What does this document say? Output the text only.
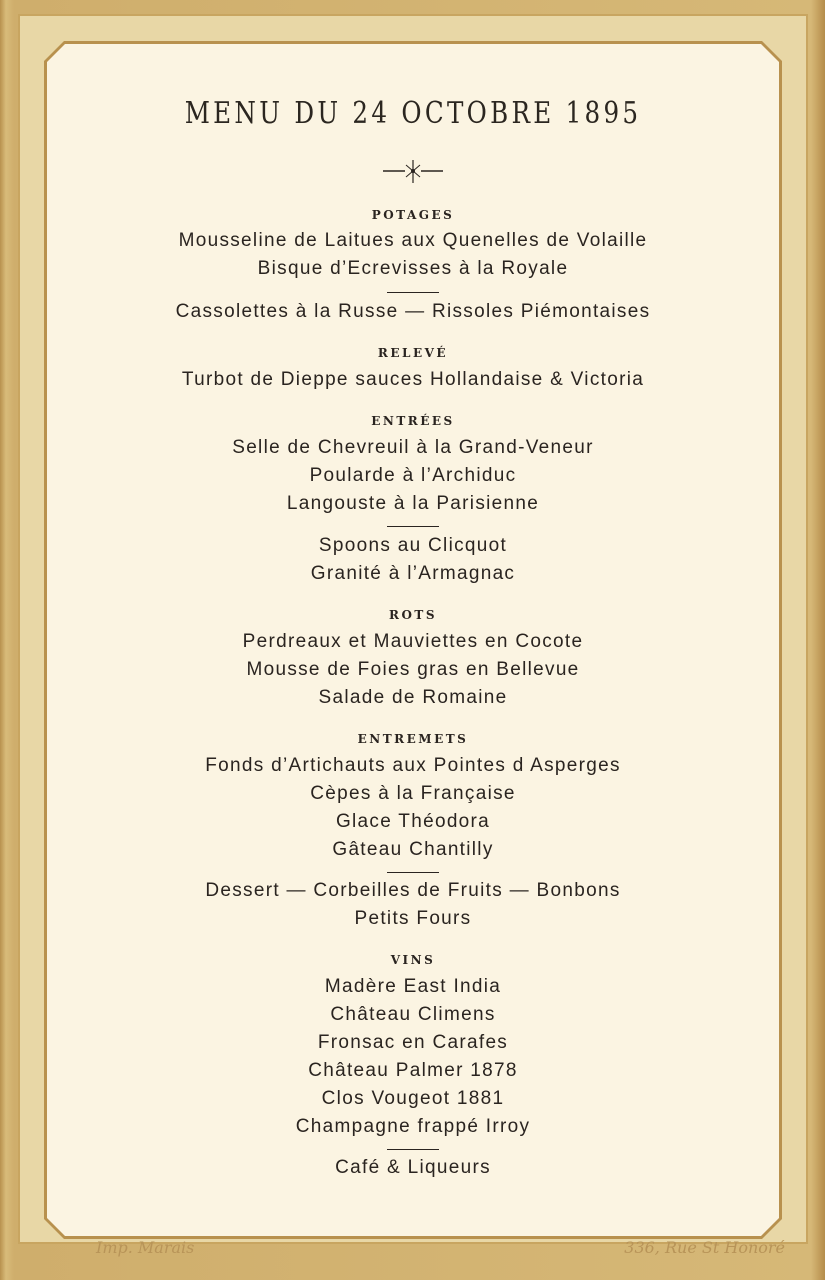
MENU DU 24 OCTOBRE 1895
POTAGES
Mousseline de Laitues aux Quenelles de Volaille
Bisque d’Ecrevisses à la Royale
Cassolettes à la Russe — Rissoles Piémontaises
RELEVÉ
Turbot de Dieppe sauces Hollandaise & Victoria
ENTRÉES
Selle de Chevreuil à la Grand-Veneur
Poularde à l’Archiduc
Langouste à la Parisienne
Spoons au Clicquot
Granité à l’Armagnac
ROTS
Perdreaux et Mauviettes en Cocote
Mousse de Foies gras en Bellevue
Salade de Romaine
ENTREMETS
Fonds d’Artichauts aux Pointes d Asperges
Cèpes à la Française
Glace Théodora
Gâteau Chantilly
Dessert — Corbeilles de Fruits — Bonbons
Petits Fours
VINS
Madère East India
Château Climens
Fronsac en Carafes
Château Palmer 1878
Clos Vougeot 1881
Champagne frappé Irroy
Café & Liqueurs
Imp. Marais	336, Rue St Honoré
